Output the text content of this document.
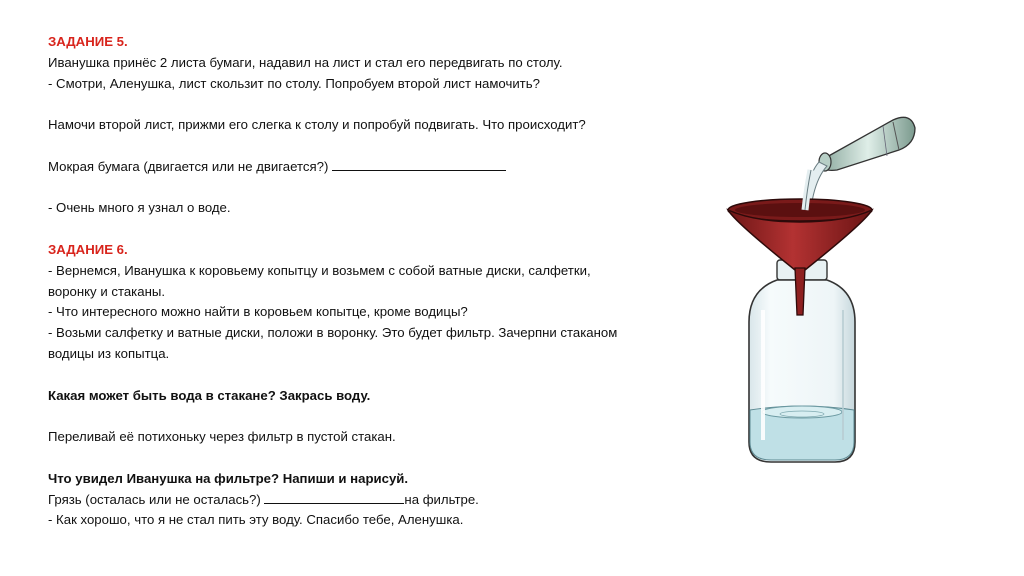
ЗАДАНИЕ 5.
Иванушка принёс 2 листа бумаги, надавил на лист и стал его передвигать по столу.
- Смотри, Аленушка, лист скользит по столу. Попробуем второй лист намочить?
Намочи второй лист, прижми его слегка к столу и попробуй подвигать. Что происходит?
Мокрая бумага (двигается или не двигается?)
- Очень много я узнал о воде.
ЗАДАНИЕ 6.
- Вернемся, Иванушка к коровьему копытцу и возьмем с собой ватные диски, салфетки,
воронку и стаканы.
- Что интересного можно найти в коровьем копытце, кроме водицы?
- Возьми салфетку и ватные диски, положи в воронку. Это будет фильтр. Зачерпни стаканом
водицы из копытца.
Какая может быть вода в стакане? Закрась воду.
Переливай её потихоньку через фильтр в пустой стакан.
Что увидел Иванушка на фильтре? Напиши и нарисуй.
Грязь (осталась или не осталась?)	на фильтре.
- Как хорошо, что я не стал пить эту воду. Спасибо тебе, Аленушка.
